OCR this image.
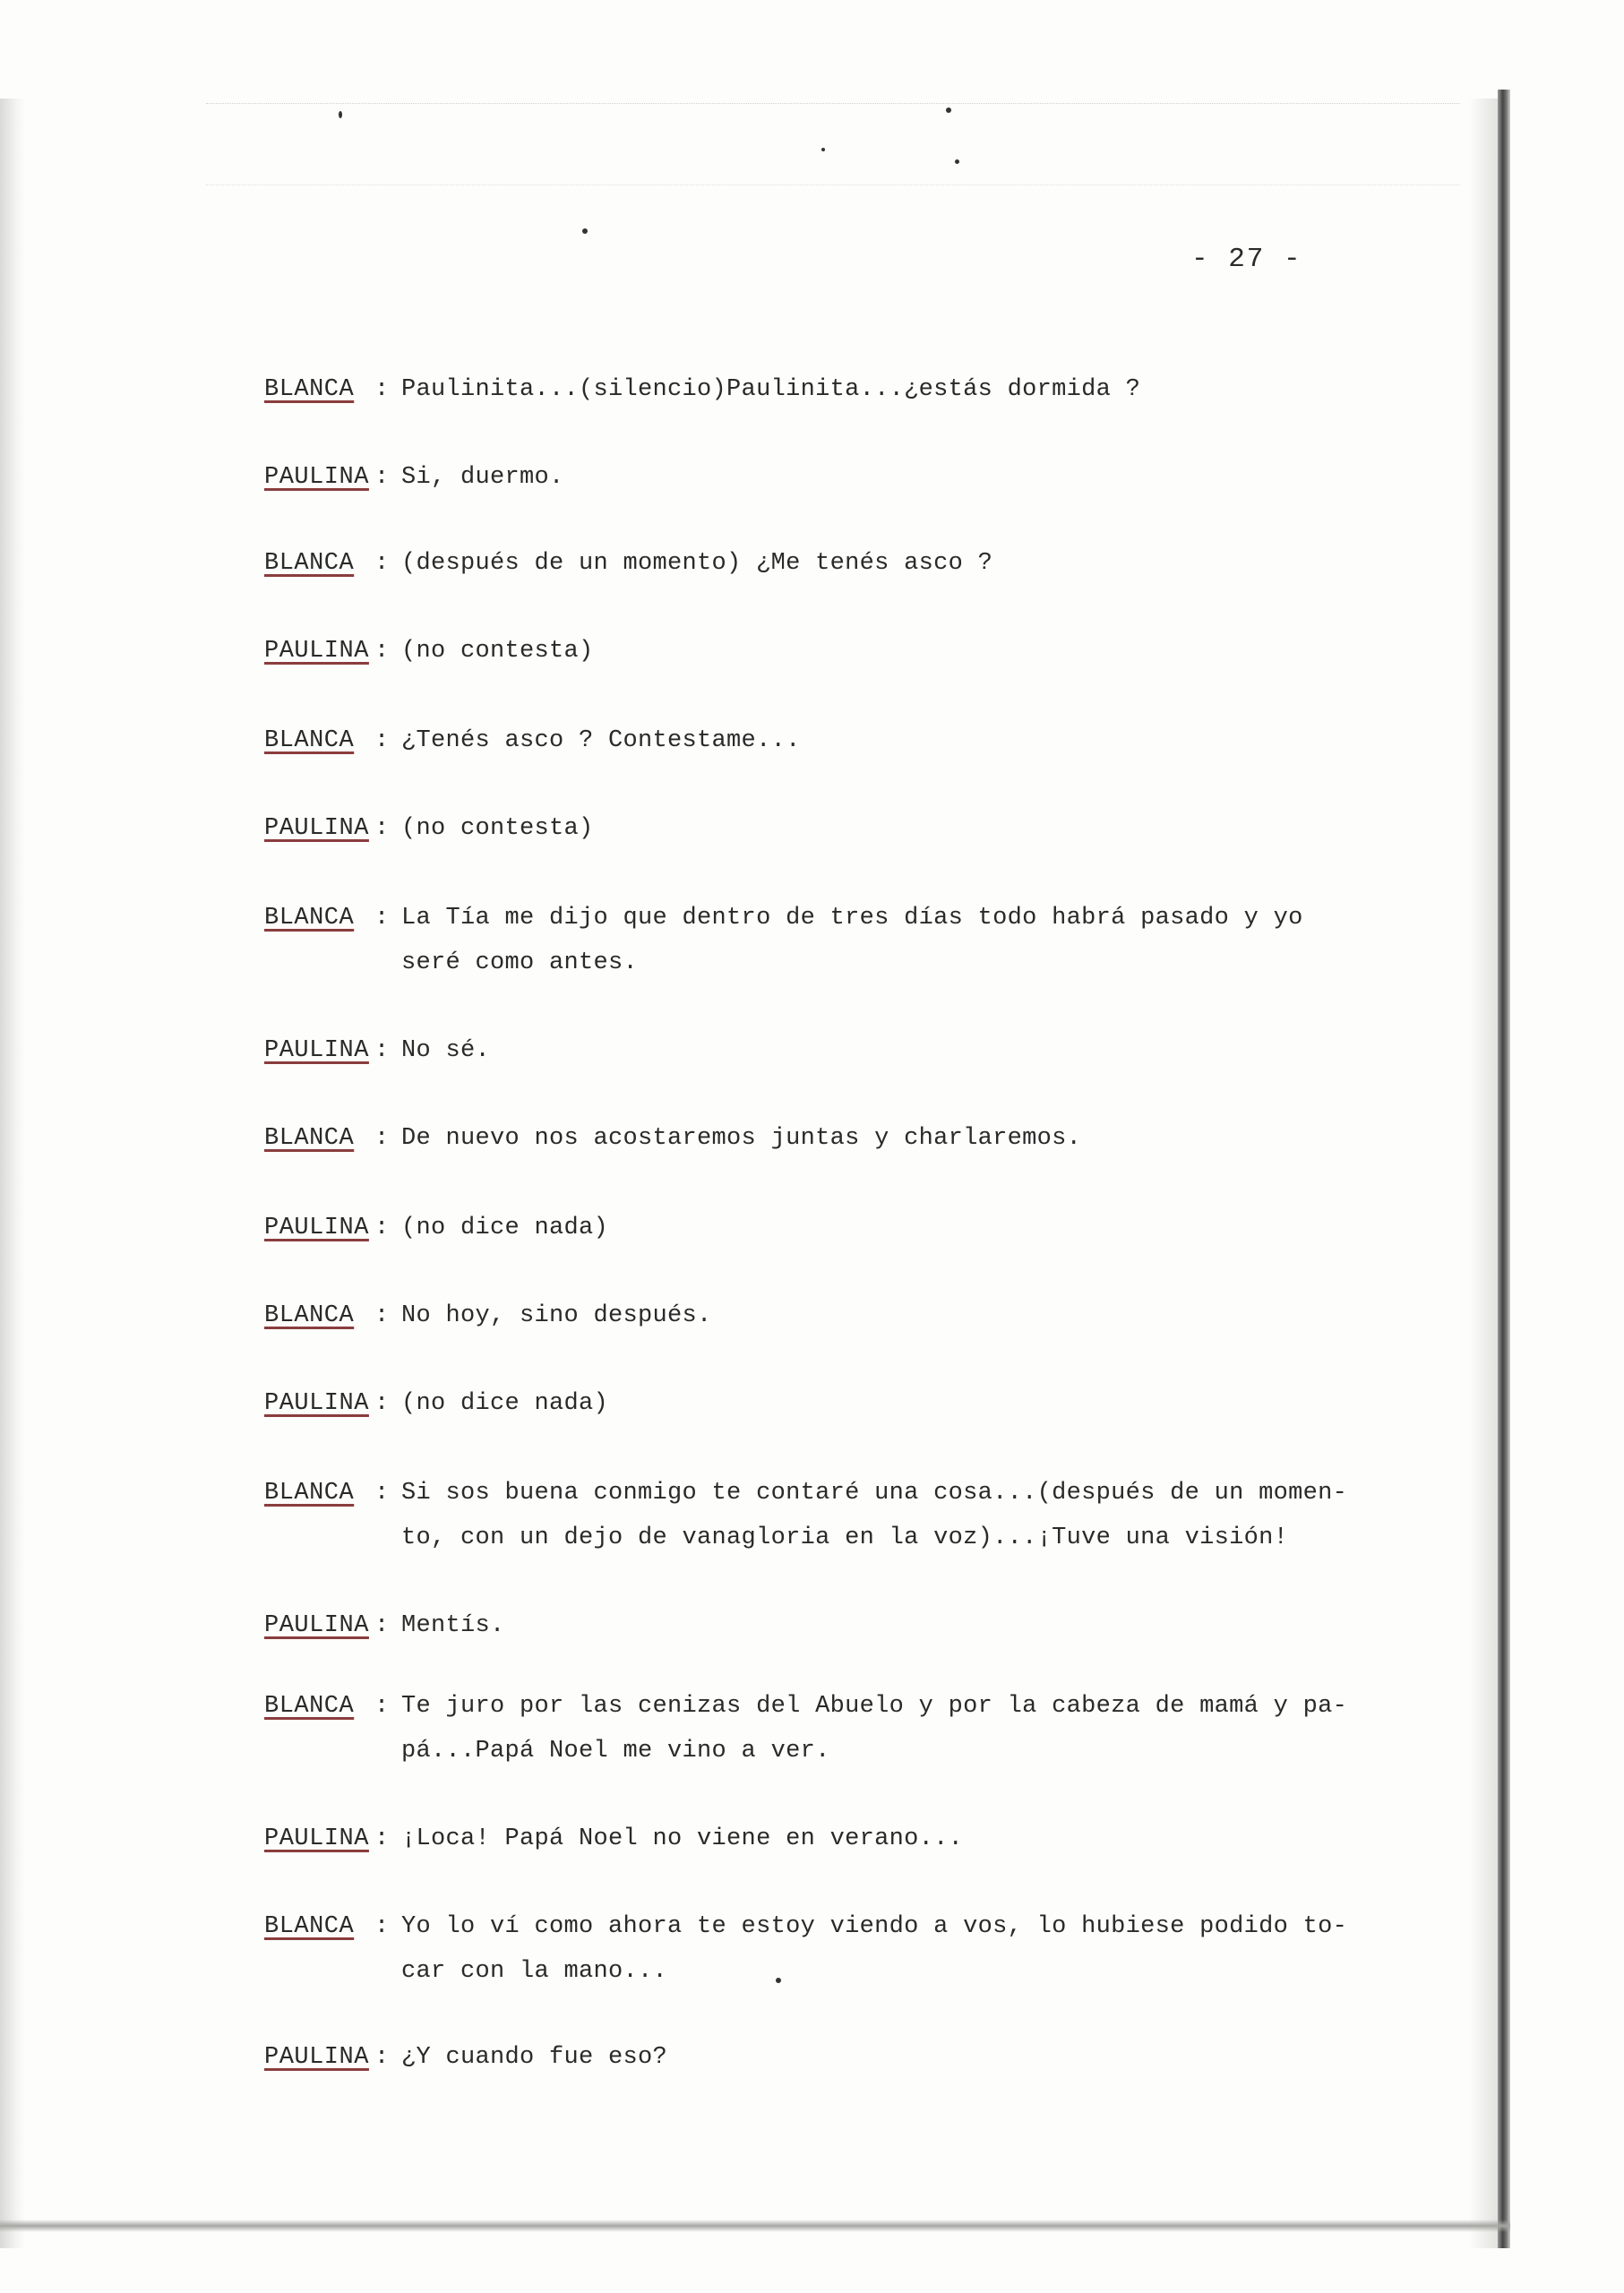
- 27 -
BLANCA : Paulinita...(silencio)Paulinita...¿estás dormida ?
PAULINA : Si, duermo.
BLANCA : (después de un momento) ¿Me tenés asco ?
PAULINA : (no contesta)
BLANCA : ¿Tenés asco ? Contestame...
PAULINA : (no contesta)
BLANCA : La Tía me dijo que dentro de tres días todo habrá pasado y yo
seré como antes.
PAULINA : No sé.
BLANCA : De nuevo nos acostaremos juntas y charlaremos.
PAULINA : (no dice nada)
BLANCA : No hoy, sino después.
PAULINA : (no dice nada)
BLANCA : Si sos buena conmigo te contaré una cosa...(después de un momen-
to, con un dejo de vanagloria en la voz)...¡Tuve una visión!
PAULINA : Mentís.
BLANCA : Te juro por las cenizas del Abuelo y por la cabeza de mamá y pa-
pá...Papá Noel me vino a ver.
PAULINA : ¡Loca! Papá Noel no viene en verano...
BLANCA : Yo lo ví como ahora te estoy viendo a vos, lo hubiese podido to-
car con la mano...
PAULINA : ¿Y cuando fue eso?
